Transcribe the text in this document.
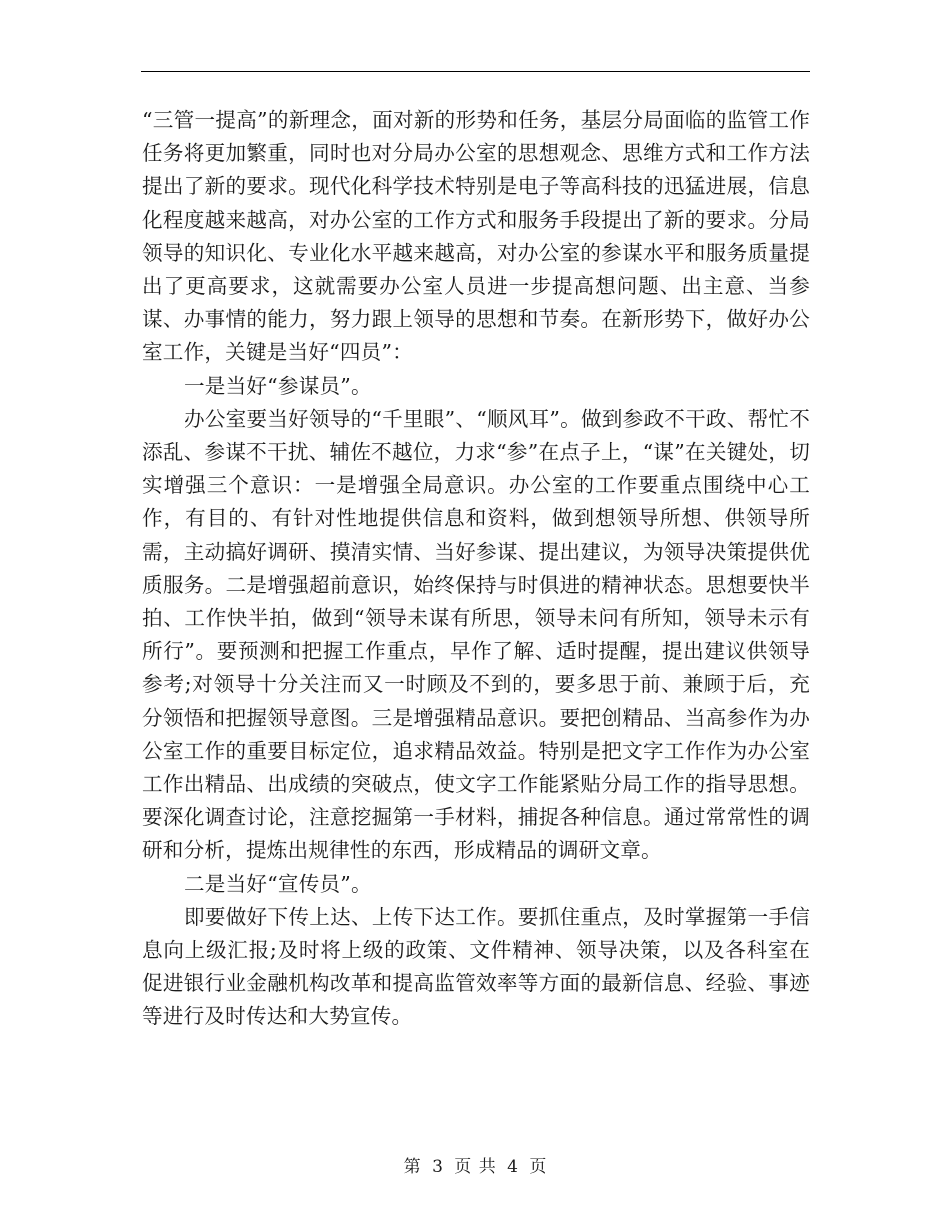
“三管一提高”的新理念，面对新的形势和任务，基层分局面临的监管工作任务将更加繁重，同时也对分局办公室的思想观念、思维方式和工作方法提出了新的要求。现代化科学技术特别是电子等高科技的迅猛进展，信息化程度越来越高，对办公室的工作方式和服务手段提出了新的要求。分局领导的知识化、专业化水平越来越高，对办公室的参谋水平和服务质量提出了更高要求，这就需要办公室人员进一步提高想问题、出主意、当参谋、办事情的能力，努力跟上领导的思想和节奏。在新形势下，做好办公室工作，关键是当好“四员”：

一是当好“参谋员”。

办公室要当好领导的“千里眼”、“顺风耳”。做到参政不干政、帮忙不添乱、参谋不干扰、辅佐不越位，力求“参”在点子上，“谋”在关键处，切实增强三个意识：一是增强全局意识。办公室的工作要重点围绕中心工作，有目的、有针对性地提供信息和资料，做到想领导所想、供领导所需，主动搞好调研、摸清实情、当好参谋、提出建议，为领导决策提供优质服务。二是增强超前意识，始终保持与时俱进的精神状态。思想要快半拍、工作快半拍，做到“领导未谋有所思，领导未问有所知，领导未示有所行”。要预测和把握工作重点，早作了解、适时提醒，提出建议供领导参考;对领导十分关注而又一时顾及不到的，要多思于前、兼顾于后，充分领悟和把握领导意图。三是增强精品意识。要把创精品、当高参作为办公室工作的重要目标定位，追求精品效益。特别是把文字工作作为办公室工作出精品、出成绩的突破点，使文字工作能紧贴分局工作的指导思想。要深化调查讨论，注意挖掘第一手材料，捕捉各种信息。通过常常性的调研和分析，提炼出规律性的东西，形成精品的调研文章。

二是当好“宣传员”。

即要做好下传上达、上传下达工作。要抓住重点，及时掌握第一手信息向上级汇报;及时将上级的政策、文件精神、领导决策，以及各科室在促进银行业金融机构改革和提高监管效率等方面的最新信息、经验、事迹等进行及时传达和大势宣传。

第 3 页 共 4 页
